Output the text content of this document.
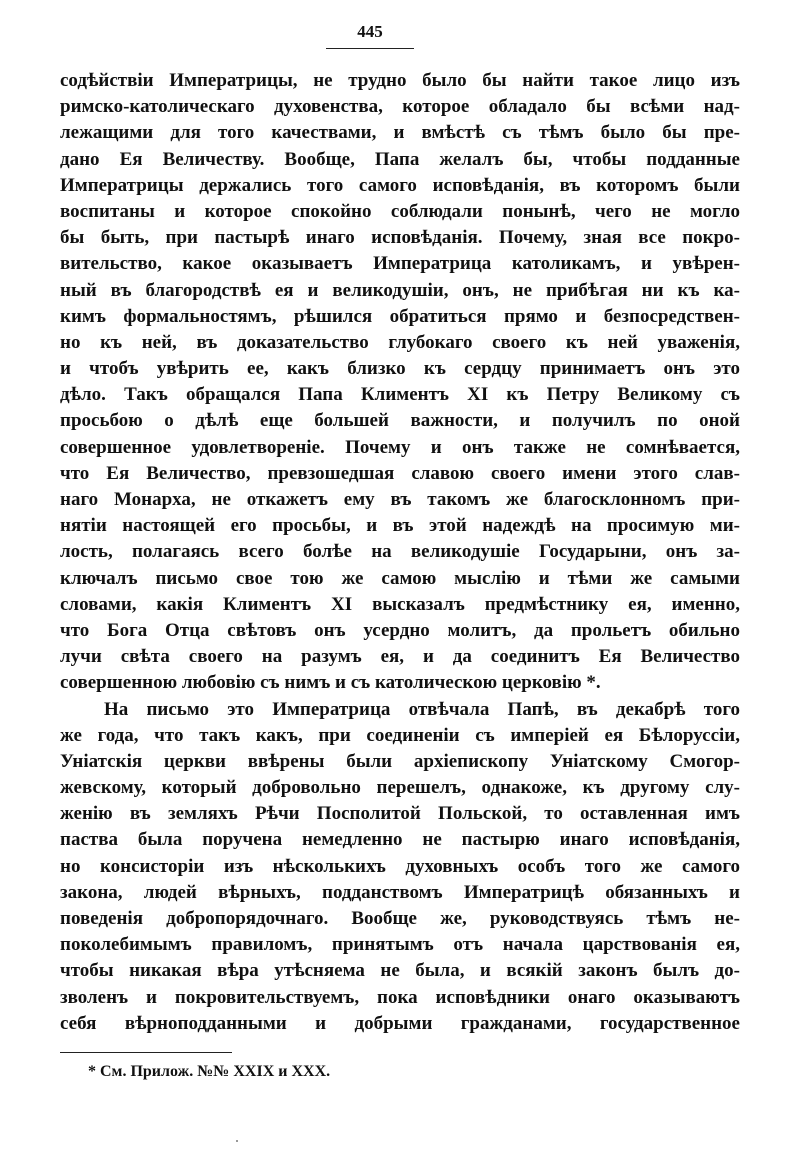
445
содѣйствіи Императрицы, не трудно было бы найти такое лицо изъ
римско-католическаго духовенства, которое обладало бы всѣми над-
лежащими для того качествами, и вмѣстѣ съ тѣмъ было бы пре-
дано Ея Величеству. Вообще, Папа желалъ бы, чтобы подданные
Императрицы держались того самого исповѣданія, въ которомъ были
воспитаны и которое спокойно соблюдали понынѣ, чего не могло
бы быть, при пастырѣ инаго исповѣданія. Почему, зная все покро-
вительство, какое оказываетъ Императрица католикамъ, и увѣрен-
ный въ благородствѣ ея и великодушіи, онъ, не прибѣгая ни къ ка-
кимъ формальностямъ, рѣшился обратиться прямо и безпосредствен-
но къ ней, въ доказательство глубокаго своего къ ней уваженія,
и чтобъ увѣрить ее, какъ близко къ сердцу принимаетъ онъ это
дѣло. Такъ обращался Папа Климентъ XI къ Петру Великому съ
просьбою о дѣлѣ еще большей важности, и получилъ по оной
совершенное удовлетвореніе. Почему и онъ также не сомнѣвается,
что Ея Величество, превзошедшая славою своего имени этого слав-
наго Монарха, не откажетъ ему въ такомъ же благосклонномъ при-
нятіи настоящей его просьбы, и въ этой надеждѣ на просимую ми-
лость, полагаясь всего болѣе на великодушіе Государыни, онъ за-
ключалъ письмо свое тою же самою мыслію и тѣми же самыми
словами, какія Климентъ XI высказалъ предмѣстнику ея, именно,
что Бога Отца свѣтовъ онъ усердно молитъ, да прольетъ обильно
лучи свѣта своего на разумъ ея, и да соединитъ Ея Величество
совершенною любовію съ нимъ и съ католическою церковію *.
На письмо это Императрица отвѣчала Папѣ, въ декабрѣ того
же года, что такъ какъ, при соединеніи съ имперіей ея Бѣлоруссіи,
Уніатскія церкви ввѣрены были архіепископу Уніатскому Смогор-
жевскому, который добровольно перешелъ, однакоже, къ другому слу-
женію въ земляхъ Рѣчи Посполитой Польской, то оставленная имъ
паства была поручена немедленно не пастырю инаго исповѣданія,
но консисторіи изъ нѣсколькихъ духовныхъ особъ того же самого
закона, людей вѣрныхъ, подданствомъ Императрицѣ обязанныхъ и
поведенія добропорядочнаго. Вообще же, руководствуясь тѣмъ не-
поколебимымъ правиломъ, принятымъ отъ начала царствованія ея,
чтобы никакая вѣра утѣсняема не была, и всякій законъ былъ до-
зволенъ и покровительствуемъ, пока исповѣдники онаго оказываютъ
себя вѣрноподданными и добрыми гражданами, государственное
* См. Прилож. №№ XXIX и XXX.
